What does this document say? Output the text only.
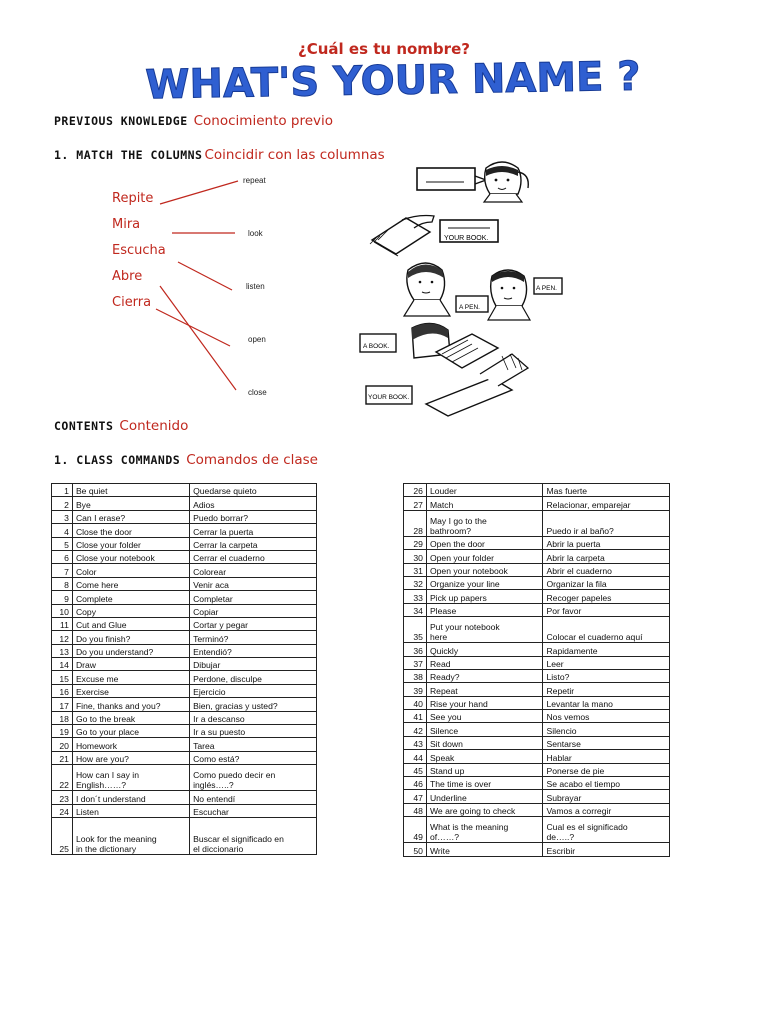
¿Cuál es tu nombre?
WHAT'S YOUR NAME ?
PREVIOUS KNOWLEDGE Conocimiento previo
1. MATCH THE COLUMNS Coincidir con las columnas
Repite
Mira
Escucha
Abre
Cierra
repeat
look
listen
open
close
YOUR BOOK.
A PEN.
A PEN.
A BOOK.
YOUR BOOK.
CONTENTS Contenido
1. CLASS COMMANDS Comandos de clase
1	Be quiet	Quedarse quieto
2	Bye	Adios
3	Can I erase?	Puedo borrar?
4	Close the door	Cerrar la puerta
5	Close your folder	Cerrar la carpeta
6	Close your notebook	Cerrar el cuaderno
7	Color	Colorear
8	Come here	Venir aca
9	Complete	Completar
10	Copy	Copiar
11	Cut and Glue	Cortar y pegar
12	Do you finish?	Terminó?
13	Do you understand?	Entendió?
14	Draw	Dibujar
15	Excuse me	Perdone, disculpe
16	Exercise	Ejercicio
17	Fine, thanks and you?	Bien, gracias y usted?
18	Go to the break	Ir a descanso
19	Go to your place	Ir a su puesto
20	Homework	Tarea
21	How are you?	Como está?
22	How can I say in
English……?	Como puedo decir en
inglés…..?
23	I don´t understand	No entendí
24	Listen	Escuchar
25	Look for the meaning
in the dictionary	Buscar el significado en
el diccionario
26	Louder	Mas fuerte
27	Match	Relacionar, emparejar
28	May I go to the
bathroom?	Puedo ir al baño?
29	Open the door	Abrir la puerta
30	Open your folder	Abrir la carpeta
31	Open your notebook	Abrir el cuaderno
32	Organize your line	Organizar la fila
33	Pick up papers	Recoger papeles
34	Please	Por favor
35	Put your notebook
here	Colocar el cuaderno aquí
36	Quickly	Rapidamente
37	Read	Leer
38	Ready?	Listo?
39	Repeat	Repetir
40	Rise your hand	Levantar la mano
41	See you	Nos vemos
42	Silence	Silencio
43	Sit down	Sentarse
44	Speak	Hablar
45	Stand up	Ponerse de pie
46	The time is over	Se acabo el tiempo
47	Underline	Subrayar
48	We are going to check	Vamos a corregir
49	What is the meaning
of……?	Cual es el significado
de…..?
50	Write	Escribir
